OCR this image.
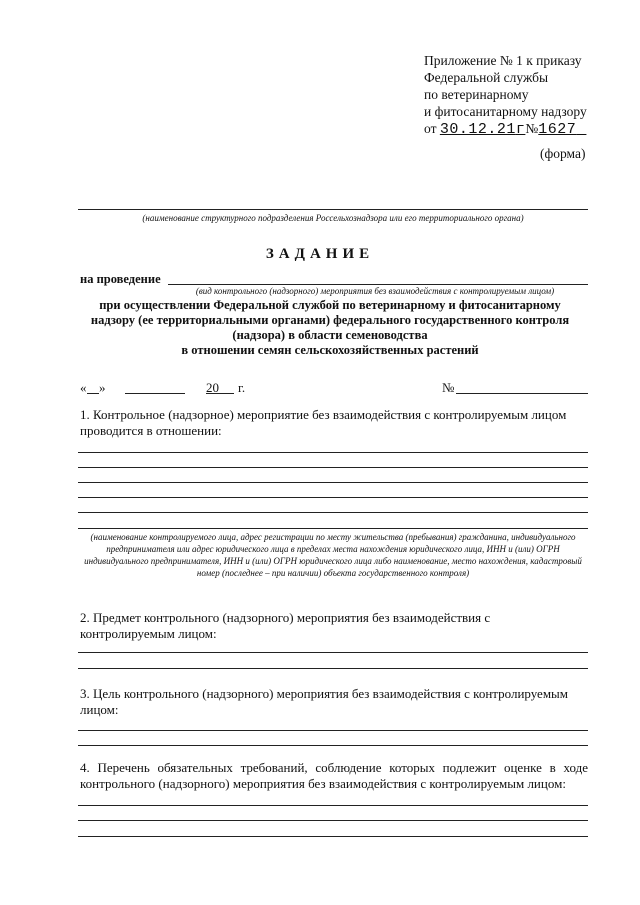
Приложение № 1 к приказу
Федеральной службы
по ветеринарному
и фитосанитарному надзору
от 30.12.21г№1627
(форма)
(наименование структурного подразделения Россельхознадзора или его территориального органа)
ЗАДАНИЕ
на проведение
(вид контрольного (надзорного) мероприятия без взаимодействия с контролируемым лицом)
при осуществлении Федеральной службой по ветеринарному и фитосанитарному
надзору (ее территориальными органами) федерального государственного контроля
(надзора) в области семеноводства
в отношении семян сельскохозяйственных растений
« »	20 г.	№
1. Контрольное (надзорное) мероприятие без взаимодействия с контролируемым лицом
проводится в отношении:
(наименование контролируемого лица, адрес регистрации по месту жительства (пребывания) гражданина, индивидуального предпринимателя или адрес юридического лица в пределах места нахождения юридического лица, ИНН и (или) ОГРН индивидуального предпринимателя, ИНН и (или) ОГРН юридического лица либо наименование, место нахождения, кадастровый номер (последнее – при наличии) объекта государственного контроля)
2. Предмет контрольного (надзорного) мероприятия без взаимодействия с
контролируемым лицом:
3. Цель контрольного (надзорного) мероприятия без взаимодействия с контролируемым
лицом:
4. Перечень обязательных требований, соблюдение которых подлежит оценке в ходе
контрольного (надзорного) мероприятия без взаимодействия с контролируемым лицом:
